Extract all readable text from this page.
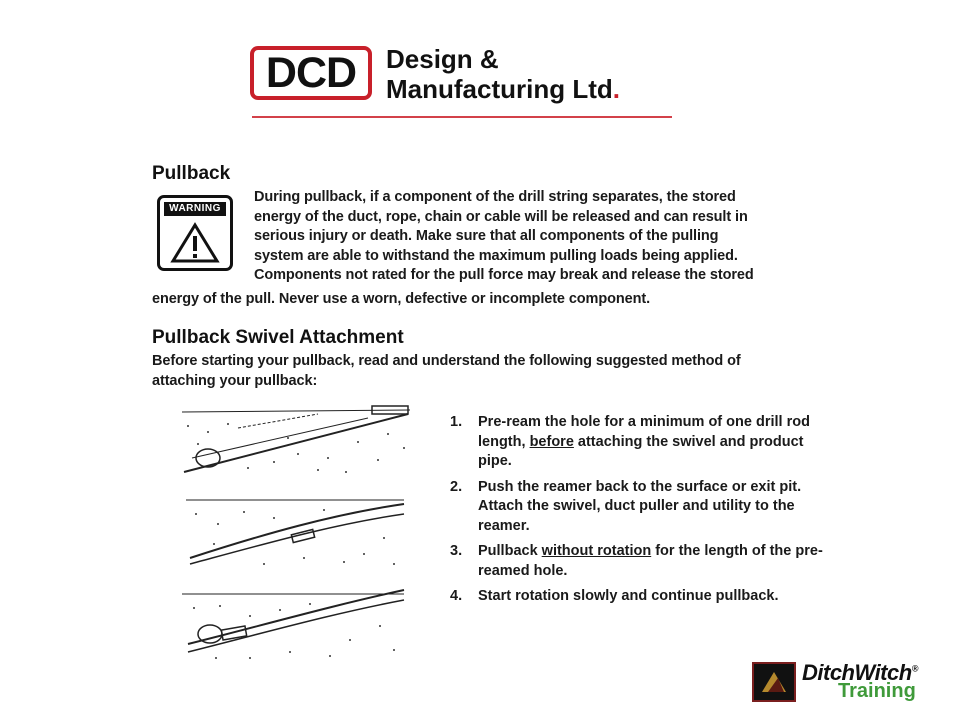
DCD Design &
Manufacturing Ltd.
Pullback
WARNING
During pullback, if a component of the drill string separates, the stored
energy of the duct, rope, chain or cable will be released and can result in
serious injury or death. Make sure that all components of the pulling
system are able to withstand the maximum pulling loads being applied.
Components not rated for the pull force may break and release the stored
energy of the pull. Never use a worn, defective or incomplete component.
Pullback Swivel Attachment
Before starting your pullback, read and understand the following suggested method of
attaching your pullback:
1. Pre-ream the hole for a minimum of one drill rod length, before attaching the swivel and product pipe.
2. Push the reamer back to the surface or exit pit. Attach the swivel, duct puller and utility to the reamer.
3. Pullback without rotation for the length of the pre-reamed hole.
4. Start rotation slowly and continue pullback.
DitchWitch®
Training
